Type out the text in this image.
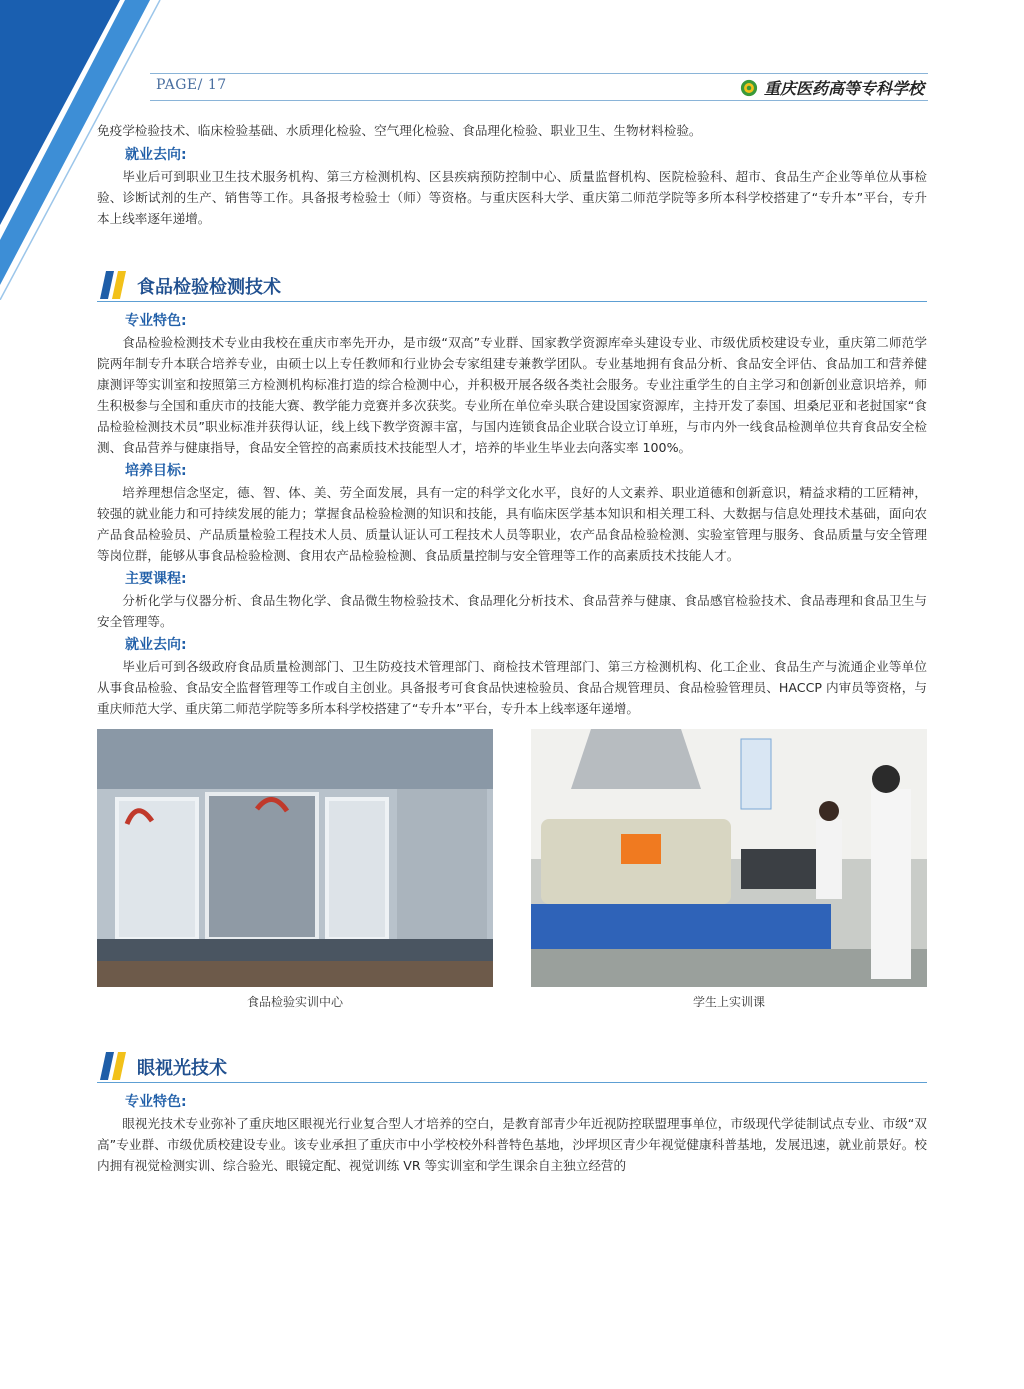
PAGE/ 17	重庆医药高等专科学校

免疫学检验技术、临床检验基础、水质理化检验、空气理化检验、食品理化检验、职业卫生、生物材料检验。

就业去向:

毕业后可到职业卫生技术服务机构、第三方检测机构、区县疾病预防控制中心、质量监督机构、医院检验科、超市、食品生产企业等单位从事检验、诊断试剂的生产、销售等工作。具备报考检验士（师）等资格。与重庆医科大学、重庆第二师范学院等多所本科学校搭建了“专升本”平台，专升本上线率逐年递增。

食品检验检测技术
专业特色:

食品检验检测技术专业由我校在重庆市率先开办，是市级“双高”专业群、国家教学资源库牵头建设专业、市级优质校建设专业，重庆第二师范学院两年制专升本联合培养专业，由硕士以上专任教师和行业协会专家组建专兼教学团队。专业基地拥有食品分析、食品安全评估、食品加工和营养健康测评等实训室和按照第三方检测机构标准打造的综合检测中心，并积极开展各级各类社会服务。专业注重学生的自主学习和创新创业意识培养，师生积极参与全国和重庆市的技能大赛、教学能力竞赛并多次获奖。专业所在单位牵头联合建设国家资源库，主持开发了泰国、坦桑尼亚和老挝国家“食品检验检测技术员”职业标准并获得认证，线上线下教学资源丰富，与国内连锁食品企业联合设立订单班，与市内外一线食品检测单位共育食品安全检测、食品营养与健康指导，食品安全管控的高素质技术技能型人才，培养的毕业生毕业去向落实率 100%。

培养目标:

培养理想信念坚定，德、智、体、美、劳全面发展，具有一定的科学文化水平，良好的人文素养、职业道德和创新意识，精益求精的工匠精神，较强的就业能力和可持续发展的能力；掌握食品检验检测的知识和技能，具有临床医学基本知识和相关理工科、大数据与信息处理技术基础，面向农产品食品检验员、产品质量检验工程技术人员、质量认证认可工程技术人员等职业，农产品食品检验检测、实验室管理与服务、食品质量与安全管理等岗位群，能够从事食品检验检测、食用农产品检验检测、食品质量控制与安全管理等工作的高素质技术技能人才。

主要课程:

分析化学与仪器分析、食品生物化学、食品微生物检验技术、食品理化分析技术、食品营养与健康、食品感官检验技术、食品毒理和食品卫生与安全管理等。

就业去向:

毕业后可到各级政府食品质量检测部门、卫生防疫技术管理部门、商检技术管理部门、第三方检测机构、化工企业、食品生产与流通企业等单位从事食品检验、食品安全监督管理等工作或自主创业。具备报考可食食品快速检验员、食品合规管理员、食品检验管理员、HACCP 内审员等资格，与重庆师范大学、重庆第二师范学院等多所本科学校搭建了“专升本”平台，专升本上线率逐年递增。

食品检验实训中心	学生上实训课
眼视光技术
专业特色:

眼视光技术专业弥补了重庆地区眼视光行业复合型人才培养的空白，是教育部青少年近视防控联盟理事单位，市级现代学徒制试点专业、市级“双高”专业群、市级优质校建设专业。该专业承担了重庆市中小学校校外科普特色基地，沙坪坝区青少年视觉健康科普基地，发展迅速，就业前景好。校内拥有视觉检测实训、综合验光、眼镜定配、视觉训练 VR 等实训室和学生课余自主独立经营的
